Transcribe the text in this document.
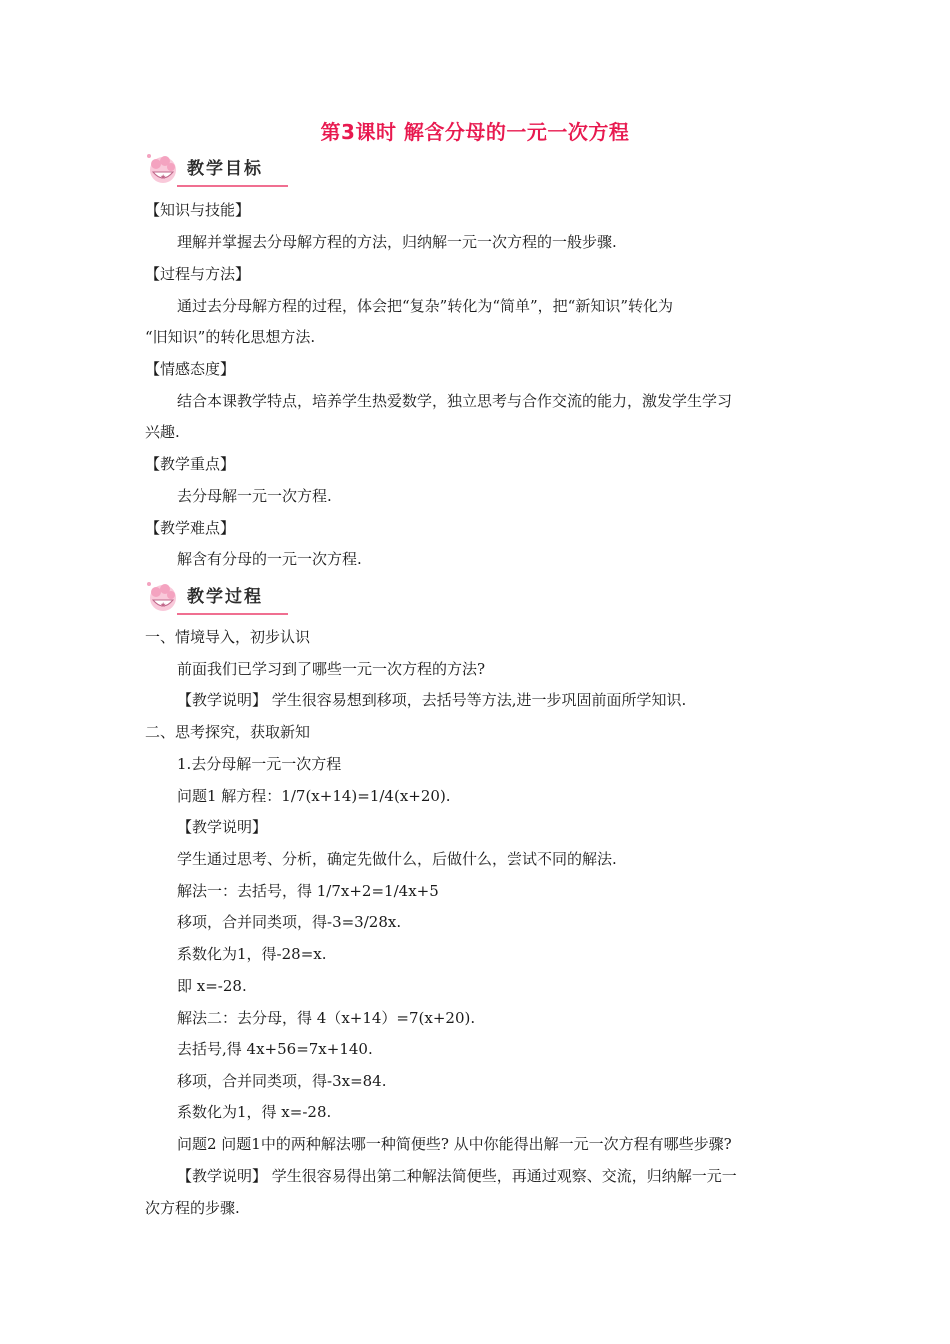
第3课时 解含分母的一元一次方程
★ 教学目标
【知识与技能】
理解并掌握去分母解方程的方法，归纳解一元一次方程的一般步骤.
【过程与方法】
通过去分母解方程的过程，体会把“复杂”转化为“简单”，把“新知识”转化为
“旧知识”的转化思想方法.
【情感态度】
结合本课教学特点，培养学生热爱数学，独立思考与合作交流的能力，激发学生学习
兴趣.
【教学重点】
去分母解一元一次方程.
【教学难点】
解含有分母的一元一次方程.
★ 教学过程
一、情境导入，初步认识
前面我们已学习到了哪些一元一次方程的方法?
【教学说明】 学生很容易想到移项，去括号等方法,进一步巩固前面所学知识.
二、思考探究，获取新知
1.去分母解一元一次方程
问题1 解方程：1/7(x+14)=1/4(x+20).
【教学说明】
学生通过思考、分析，确定先做什么，后做什么，尝试不同的解法.
解法一：去括号，得 1/7x+2=1/4x+5
移项，合并同类项，得-3=3/28x.
系数化为1，得-28=x.
即 x=-28.
解法二：去分母，得 4（x+14）=7(x+20).
去括号,得 4x+56=7x+140.
移项，合并同类项，得-3x=84.
系数化为1，得 x=-28.
问题2 问题1中的两种解法哪一种简便些? 从中你能得出解一元一次方程有哪些步骤?
【教学说明】 学生很容易得出第二种解法简便些，再通过观察、交流，归纳解一元一
次方程的步骤.
